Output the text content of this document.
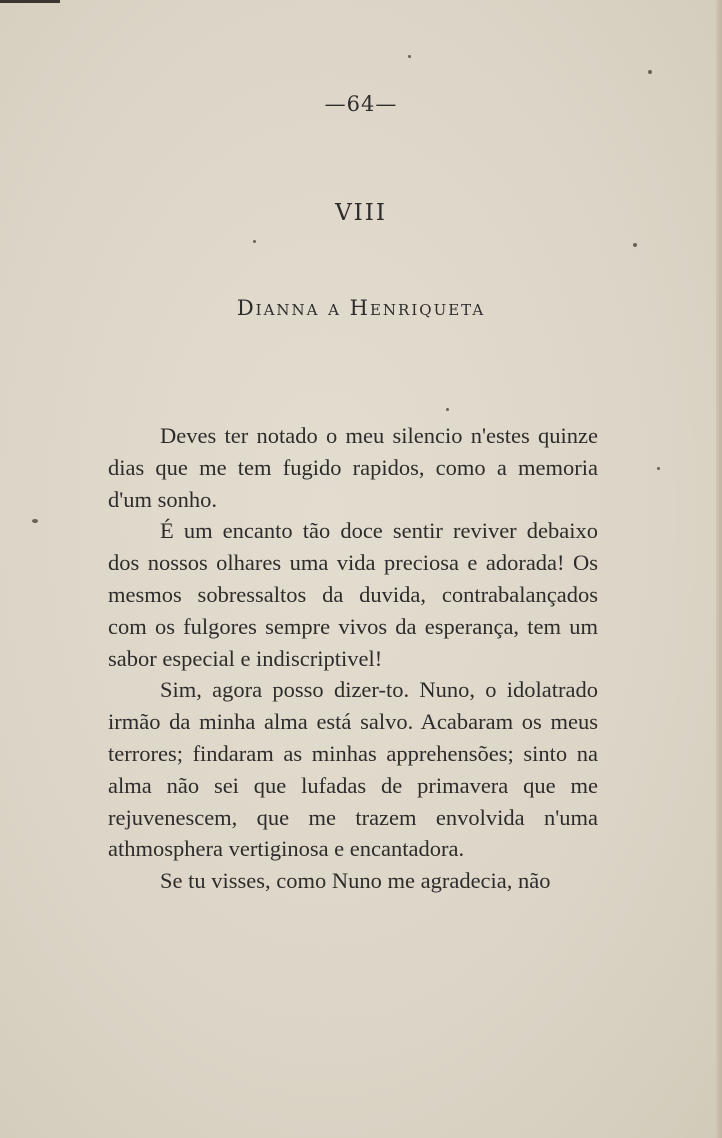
—64—
VIII
Dianna a Henriqueta

Deves ter notado o meu silencio n'estes quinze dias que me tem fugido rapidos, como a memoria d'um sonho.

É um encanto tão doce sentir reviver debaixo dos nossos olhares uma vida preciosa e adorada! Os mesmos sobressaltos da duvida, contrabalançados com os fulgores sempre vivos da esperança, tem um sabor especial e indiscriptivel!

Sim, agora posso dizer-to. Nuno, o idolatrado irmão da minha alma está salvo. Acabaram os meus terrores; findaram as minhas apprehensões; sinto na alma não sei que lufadas de primavera que me rejuvenescem, que me trazem envolvida n'uma athmosphera vertiginosa e encantadora.

Se tu visses, como Nuno me agradecia, não
